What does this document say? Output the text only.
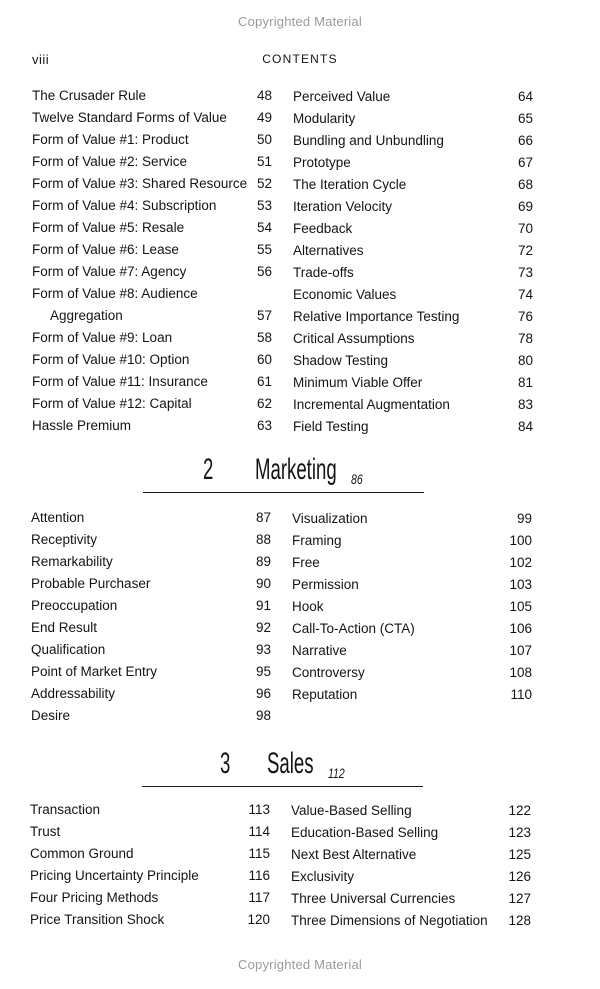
Copyrighted Material
viii	CONTENTS
The Crusader Rule	48
Twelve Standard Forms of Value 49
Form of Value #1: Product	50
Form of Value #2: Service	51
Form of Value #3: Shared Resource 52
Form of Value #4: Subscription	53
Form of Value #5: Resale	54
Form of Value #6: Lease	55
Form of Value #7: Agency	56
Form of Value #8: Audience
Aggregation	57
Form of Value #9: Loan	58
Form of Value #10: Option	60
Form of Value #11: Insurance	61
Form of Value #12: Capital	62
Hassle Premium	63
Perceived Value	64
Modularity	65
Bundling and Unbundling	66
Prototype	67
The Iteration Cycle	68
Iteration Velocity	69
Feedback	70
Alternatives	72
Trade-offs	73
Economic Values	74
Relative Importance Testing	76
Critical Assumptions	78
Shadow Testing	80
Minimum Viable Offer	81
Incremental Augmentation	83
Field Testing	84
2 Marketing 86
Attention	87
Receptivity	88
Remarkability	89
Probable Purchaser	90
Preoccupation	91
End Result	92
Qualification	93
Point of Market Entry	95
Addressability	96
Desire	98
Visualization	99
Framing	100
Free	102
Permission	103
Hook	105
Call-To-Action (CTA)	106
Narrative	107
Controversy	108
Reputation	110
3 Sales 112
Transaction	113
Trust	114
Common Ground	115
Pricing Uncertainty Principle	116
Four Pricing Methods	117
Price Transition Shock	120
Value-Based Selling	122
Education-Based Selling	123
Next Best Alternative	125
Exclusivity	126
Three Universal Currencies	127
Three Dimensions of Negotiation 128
Copyrighted Material
